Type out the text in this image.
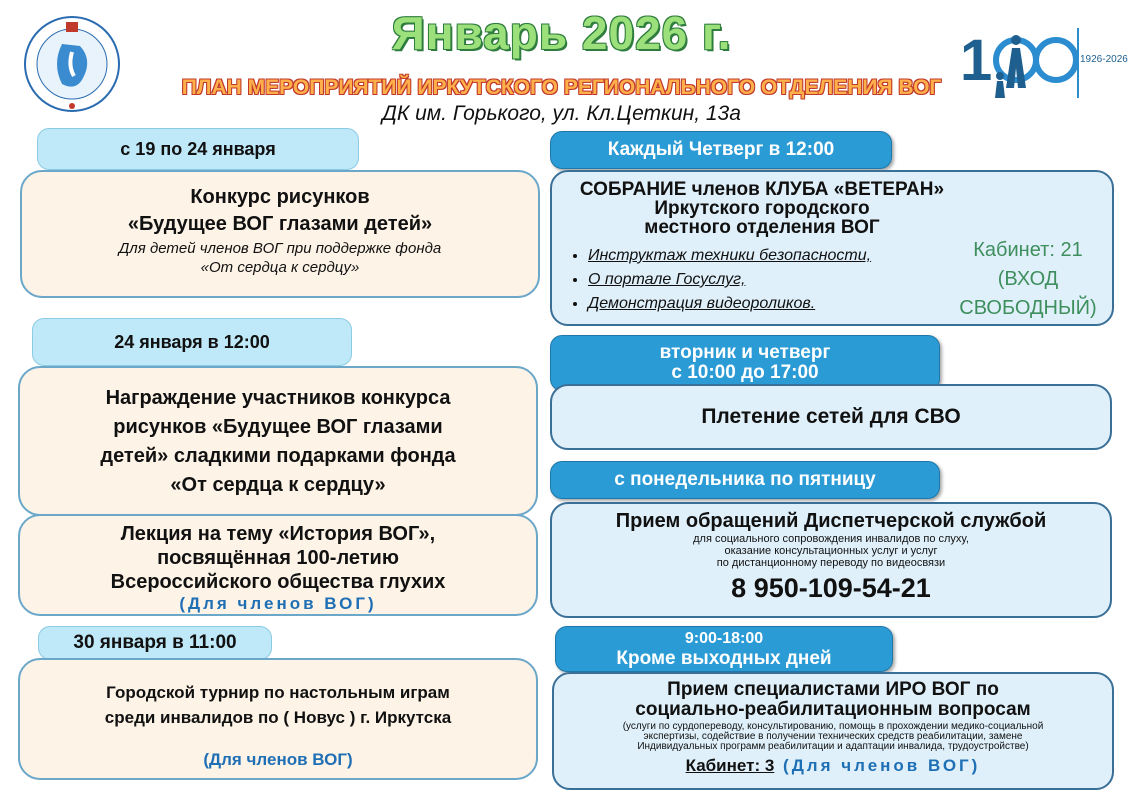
Январь 2026 г.
ПЛАН МЕРОПРИЯТИЙ ИРКУТСКОГО РЕГИОНАЛЬНОГО ОТДЕЛЕНИЯ ВОГ
ДК им. Горького, ул. Кл.Цеткин, 13а
1	1926-2026
с 19 по 24 января
Конкурс рисунков
«Будущее ВОГ глазами детей»
Для детей членов ВОГ при поддержке фонда
«От сердца к сердцу»
24 января в 12:00
Награждение участников конкурса
рисунков «Будущее ВОГ глазами
детей» сладкими подарками фонда
«От сердца к сердцу»
Лекция на тему «История ВОГ»,
посвящённая 100-летию
Всероссийского общества глухих
(Для членов ВОГ)
30 января в 11:00
Городской турнир по настольным играм
среди инвалидов по ( Новус ) г. Иркутска
(Для членов ВОГ)
Каждый Четверг в 12:00
СОБРАНИЕ членов КЛУБА «ВЕТЕРАН»
Иркутского городского
местного отделения ВОГ
• Инструктаж техники безопасности,
• О портале Госуслуг,
• Демонстрация видеороликов.
Кабинет: 21
(ВХОД
СВОБОДНЫЙ)
вторник и четверг
с 10:00 до 17:00
Плетение сетей для СВО
с понедельника по пятницу
Прием обращений Диспетчерской службой
для социального сопровождения инвалидов по слуху,
оказание консультационных услуг и услуг
по дистанционному переводу по видеосвязи
8 950-109-54-21
9:00-18:00
Кроме выходных дней
Прием специалистами ИРО ВОГ по
социально-реабилитационным вопросам
(услуги по сурдопереводу, консультированию, помощь в прохождении медико-социальной
экспертизы, содействие в получении технических средств реабилитации, замене
Индивидуальных программ реабилитации и адаптации инвалида, трудоустройстве)
Кабинет: 3 (Для членов ВОГ)
